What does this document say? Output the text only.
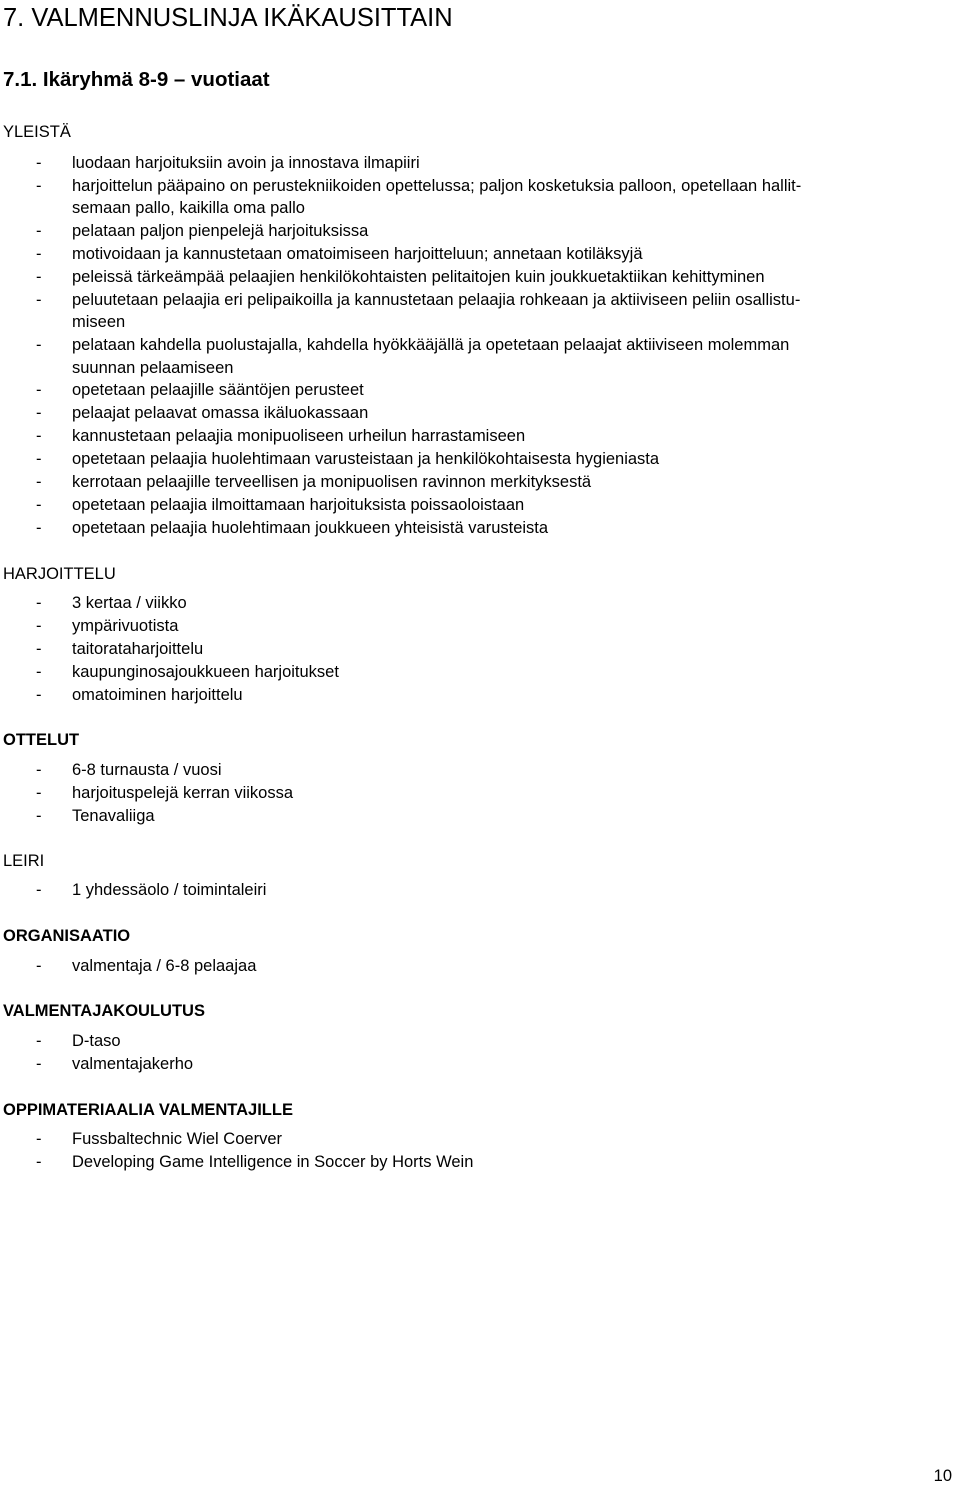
7. VALMENNUSLINJA IKÄKAUSITTAIN
7.1. Ikäryhmä 8-9 – vuotiaat
YLEISTÄ
- luodaan harjoituksiin avoin ja innostava ilmapiiri
- harjoittelun pääpaino on perustekniikoiden opettelussa; paljon kosketuksia palloon, opetellaan hallit-
semaan pallo, kaikilla oma pallo
- pelataan paljon pienpelejä harjoituksissa
- motivoidaan ja kannustetaan omatoimiseen harjoitteluun; annetaan kotiläksyjä
- peleissä tärkeämpää pelaajien henkilökohtaisten pelitaitojen kuin joukkuetaktiikan kehittyminen
- peluutetaan pelaajia eri pelipaikoilla ja kannustetaan pelaajia rohkeaan ja aktiiviseen peliin osallistu-
miseen
- pelataan kahdella puolustajalla, kahdella hyökkääjällä ja opetetaan pelaajat aktiiviseen molemman
suunnan pelaamiseen
- opetetaan pelaajille sääntöjen perusteet
- pelaajat pelaavat omassa ikäluokassaan
- kannustetaan pelaajia monipuoliseen urheilun harrastamiseen
- opetetaan pelaajia huolehtimaan varusteistaan ja henkilökohtaisesta hygieniasta
- kerrotaan pelaajille terveellisen ja monipuolisen ravinnon merkityksestä
- opetetaan pelaajia ilmoittamaan harjoituksista poissaoloistaan
- opetetaan pelaajia huolehtimaan joukkueen yhteisistä varusteista
HARJOITTELU
- 3 kertaa / viikko
- ympärivuotista
- taitorataharjoittelu
- kaupunginosajoukkueen harjoitukset
- omatoiminen harjoittelu
OTTELUT
- 6-8 turnausta / vuosi
- harjoituspelejä kerran viikossa
- Tenavaliiga
LEIRI
- 1 yhdessäolo / toimintaleiri
ORGANISAATIO
- valmentaja / 6-8 pelaajaa
VALMENTAJAKOULUTUS
- D-taso
- valmentajakerho
OPPIMATERIAALIA VALMENTAJILLE
- Fussbaltechnic Wiel Coerver
- Developing Game Intelligence in Soccer by Horts Wein
10
